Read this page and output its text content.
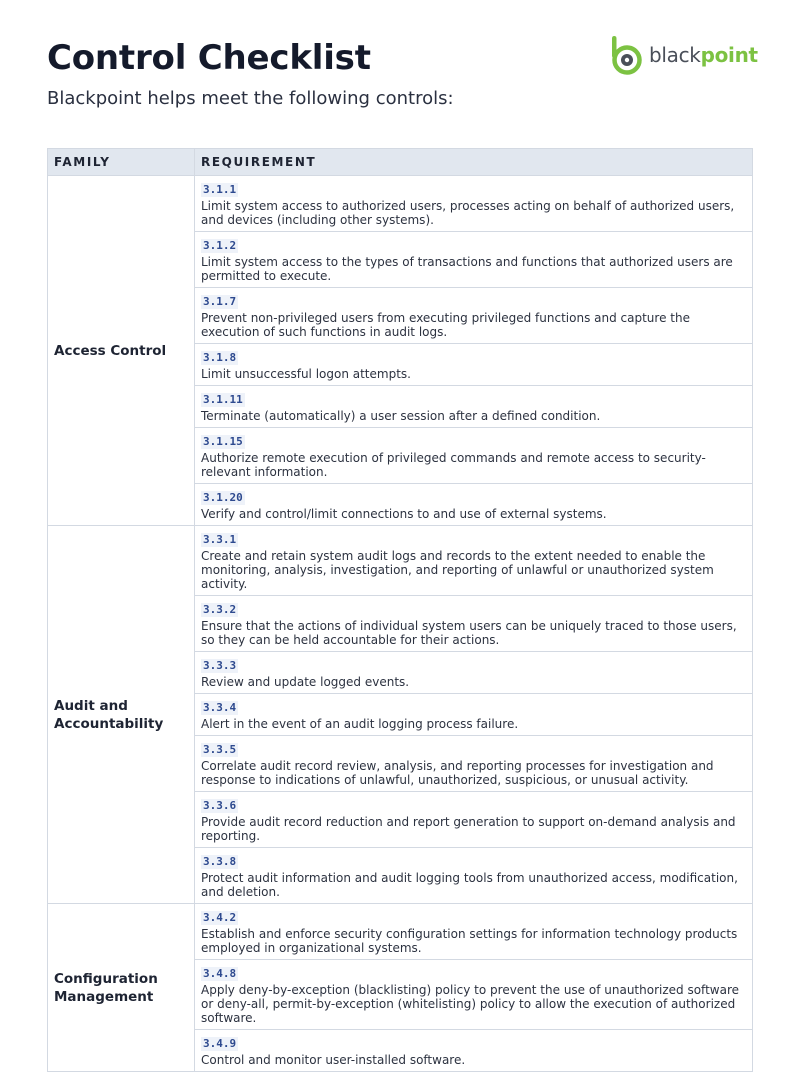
Control Checklist
Blackpoint helps meet the following controls:
blackpoint
FAMILY	REQUIREMENT
Access Control	3.1.1
Limit system access to authorized users, processes acting on behalf of authorized users, and devices (including other systems).

	3.1.2
Limit system access to the types of transactions and functions that authorized users are permitted to execute.

	3.1.7
Prevent non-privileged users from executing privileged functions and capture the execution of such functions in audit logs.

	3.1.8
Limit unsuccessful logon attempts.

	3.1.11
Terminate (automatically) a user session after a defined condition.

	3.1.15
Authorize remote execution of privileged commands and remote access to security-relevant information.

	3.1.20
Verify and control/limit connections to and use of external systems.

Audit and Accountability	3.3.1
Create and retain system audit logs and records to the extent needed to enable the monitoring, analysis, investigation, and reporting of unlawful or unauthorized system activity.

	3.3.2
Ensure that the actions of individual system users can be uniquely traced to those users, so they can be held accountable for their actions.

	3.3.3
Review and update logged events.

	3.3.4
Alert in the event of an audit logging process failure.

	3.3.5
Correlate audit record review, analysis, and reporting processes for investigation and response to indications of unlawful, unauthorized, suspicious, or unusual activity.

	3.3.6
Provide audit record reduction and report generation to support on-demand analysis and reporting.

	3.3.8
Protect audit information and audit logging tools from unauthorized access, modification, and deletion.

Configuration Management	3.4.2
Establish and enforce security configuration settings for information technology products employed in organizational systems.

	3.4.8
Apply deny-by-exception (blacklisting) policy to prevent the use of unauthorized software or deny-all, permit-by-exception (whitelisting) policy to allow the execution of authorized software.

	3.4.9
Control and monitor user-installed software.
